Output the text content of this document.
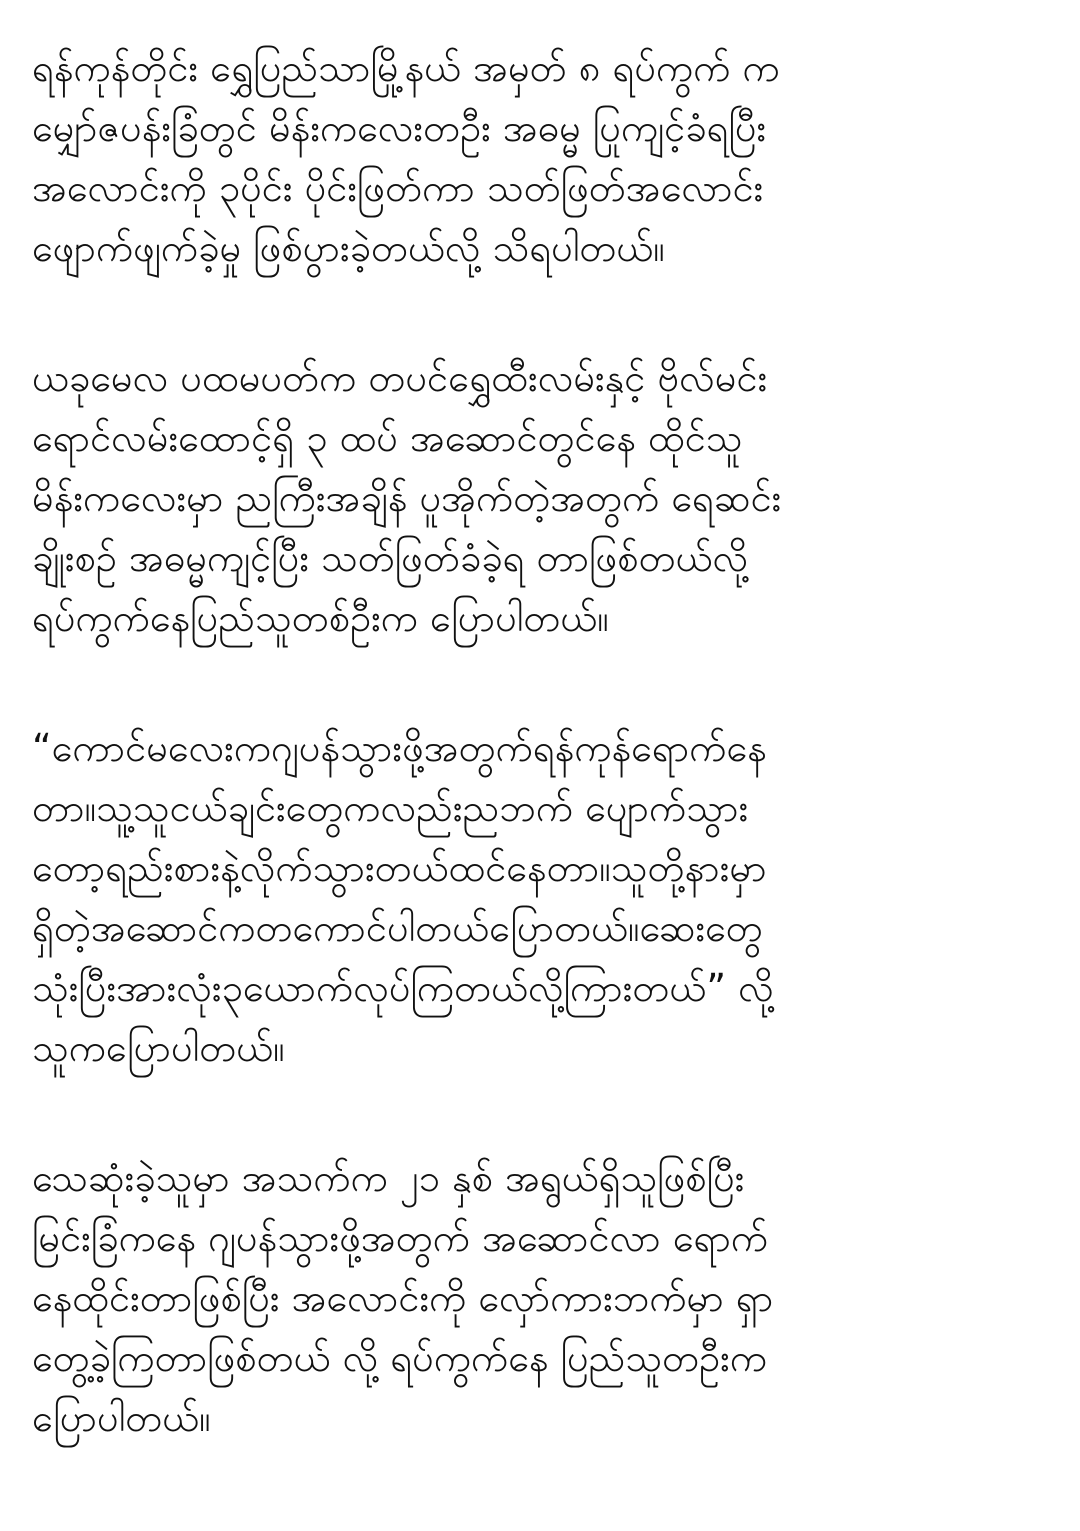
ရန်ကုန်တိုင်း ရွှေပြည်သာမြို့နယ် အမှတ် ၈ ရပ်ကွက် က
မျှော်ဇပန်းခြံတွင် မိန်းကလေးတဦး အဓမ္မ ပြုကျင့်ခံရပြီး
အလောင်းကို ၃ပိုင်း ပိုင်းဖြတ်ကာ သတ်ဖြတ်အလောင်း
ဖျောက်ဖျက်ခဲ့မှု ဖြစ်ပွားခဲ့တယ်လို့ သိရပါတယ်။
ယခုမေလ ပထမပတ်က တပင်ရွှေထီးလမ်းနှင့် ဗိုလ်မင်း
ရောင်လမ်းထောင့်ရှိ ၃ ထပ် အဆောင်တွင်နေ ထိုင်သူ
မိန်းကလေးမှာ ညကြီးအချိန် ပူအိုက်တဲ့အတွက် ရေဆင်း
ချိုးစဉ် အဓမ္မကျင့်ပြီး သတ်ဖြတ်ခံခဲ့ရ တာဖြစ်တယ်လို့
ရပ်ကွက်နေပြည်သူတစ်ဦးက ပြောပါတယ်။
“ကောင်မလေးကဂျပန်သွားဖို့အတွက်ရန်ကုန်ရောက်နေ
တာ။သူ့သူငယ်ချင်းတွေကလည်းညဘက် ပျောက်သွား
တော့ရည်းစားနဲ့လိုက်သွားတယ်ထင်နေတာ။သူတို့နားမှာ
ရှိတဲ့အဆောင်ကတကောင်ပါတယ်ပြောတယ်။ဆေးတွေ
သုံးပြီးအားလုံး၃ယောက်လုပ်ကြတယ်လို့ကြားတယ်” လို့
သူကပြောပါတယ်။
သေဆုံးခဲ့သူမှာ အသက်က ၂၁ နှစ် အရွယ်ရှိသူဖြစ်ပြီး
မြင်းခြံကနေ ဂျပန်သွားဖို့အတွက် အဆောင်လာ ရောက်
နေထိုင်းတာဖြစ်ပြီး အလောင်းကို လှော်ကားဘက်မှာ ရှာ
တွေ့ခဲ့ကြတာဖြစ်တယ် လို့ ရပ်ကွက်နေ ပြည်သူတဦးက
ပြောပါတယ်။
